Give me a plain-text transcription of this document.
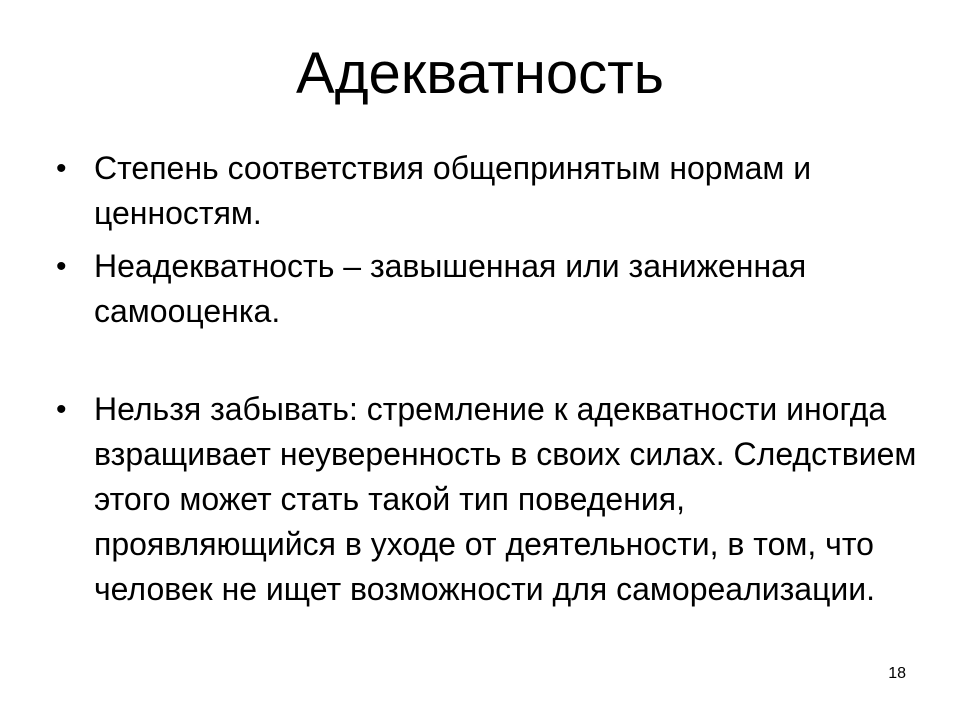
Адекватность
• Степень соответствия общепринятым нормам и ценностям.
• Неадекватность – завышенная или заниженная самооценка.
• Нельзя забывать: стремление к адекватности иногда взращивает неуверенность в своих силах. Следствием этого может стать такой тип поведения, проявляющийся в уходе от деятельности, в том, что человек не ищет возможности для самореализации.
18
